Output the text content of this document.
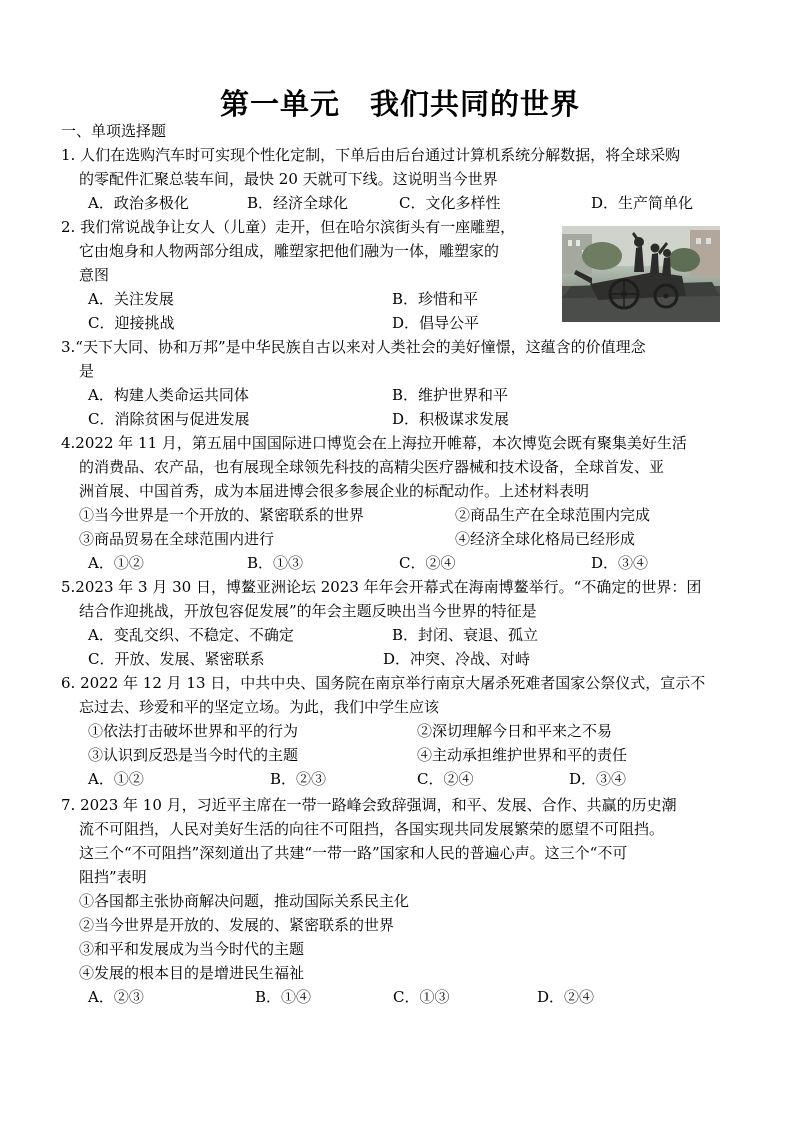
第一单元　我们共同的世界
一、单项选择题
1. 人们在选购汽车时可实现个性化定制，下单后由后台通过计算机系统分解数据，将全球采购
的零配件汇聚总装车间，最快 20 天就可下线。这说明当今世界
A．政治多极化	B．经济全球化	C．文化多样性	D．生产简单化
2. 我们常说战争让女人（儿童）走开，但在哈尔滨街头有一座雕塑，
它由炮身和人物两部分组成，雕塑家把他们融为一体，雕塑家的
意图
A．关注发展	B．珍惜和平
C．迎接挑战	D．倡导公平
3.“天下大同、协和万邦”是中华民族自古以来对人类社会的美好憧憬，这蕴含的价值理念
是
A．构建人类命运共同体	B．维护世界和平
C．消除贫困与促进发展	D．积极谋求发展
4.2022 年 11 月，第五届中国国际进口博览会在上海拉开帷幕，本次博览会既有聚集美好生活
的消费品、农产品，也有展现全球领先科技的高精尖医疗器械和技术设备，全球首发、亚
洲首展、中国首秀，成为本届进博会很多参展企业的标配动作。上述材料表明
①当今世界是一个开放的、紧密联系的世界	②商品生产在全球范围内完成
③商品贸易在全球范围内进行	④经济全球化格局已经形成
A．①②	B．①③	C．②④	D．③④
5.2023 年 3 月 30 日，博鳌亚洲论坛 2023 年年会开幕式在海南博鳌举行。“不确定的世界：团
结合作迎挑战，开放包容促发展”的年会主题反映出当今世界的特征是
A．变乱交织、不稳定、不确定	B．封闭、衰退、孤立
C．开放、发展、紧密联系	D．冲突、冷战、对峙
6. 2022 年 12 月 13 日，中共中央、国务院在南京举行南京大屠杀死难者国家公祭仪式，宣示不
忘过去、珍爱和平的坚定立场。为此，我们中学生应该
①依法打击破坏世界和平的行为	②深切理解今日和平来之不易
③认识到反恐是当今时代的主题	④主动承担维护世界和平的责任
A．①②	B．②③	C．②④	D．③④
7. 2023 年 10 月，习近平主席在一带一路峰会致辞强调，和平、发展、合作、共赢的历史潮
流不可阻挡，人民对美好生活的向往不可阻挡，各国实现共同发展繁荣的愿望不可阻挡。
这三个“不可阻挡”深刻道出了共建“一带一路”国家和人民的普遍心声。这三个“不可
阻挡”表明
①各国都主张协商解决问题，推动国际关系民主化
②当今世界是开放的、发展的、紧密联系的世界
③和平和发展成为当今时代的主题
④发展的根本目的是增进民生福祉
A．②③	B．①④	C．①③	D．②④
